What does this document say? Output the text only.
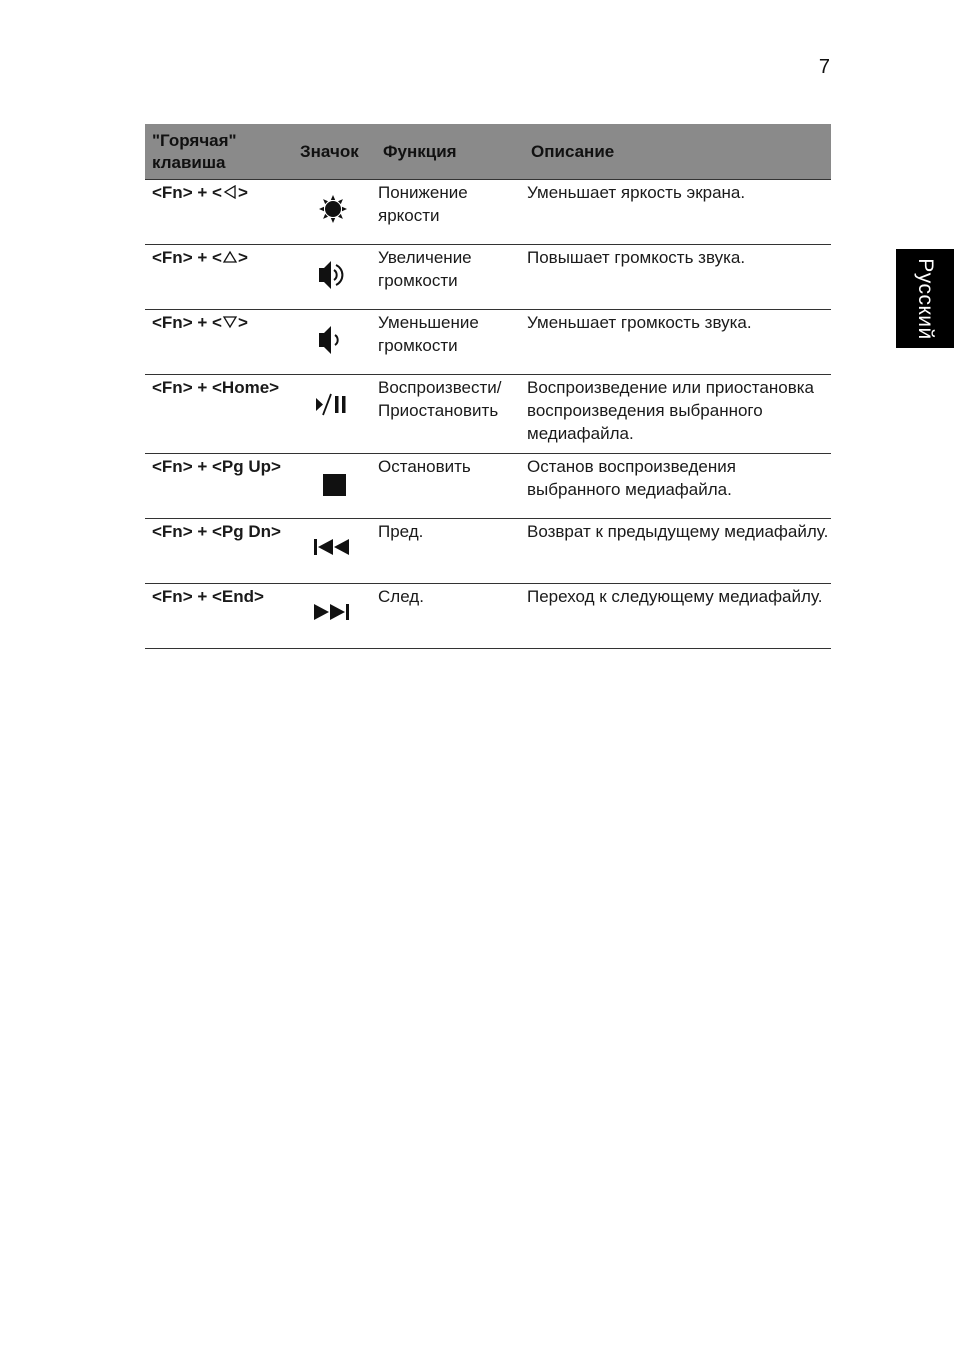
7
Русский
"Горячая" клавиша	Значок	Функция	Описание
<Fn> + < >		Понижение яркости	Уменьшает яркость экрана.
<Fn> + < >		Увеличение громкости	Повышает громкость звука.
<Fn> + < >		Уменьшение громкости	Уменьшает громкость звука.
<Fn> + <Home>		Воспроизвести/ Приостановить	Воспроизведение или приостановка воспроизведения выбранного медиафайла.
<Fn> + <Pg Up>		Остановить	Останов воспроизведения выбранного медиафайла.
<Fn> + <Pg Dn>		Пред.	Возврат к предыдущему медиафайлу.
<Fn> + <End>		След.	Переход к следующему медиафайлу.
